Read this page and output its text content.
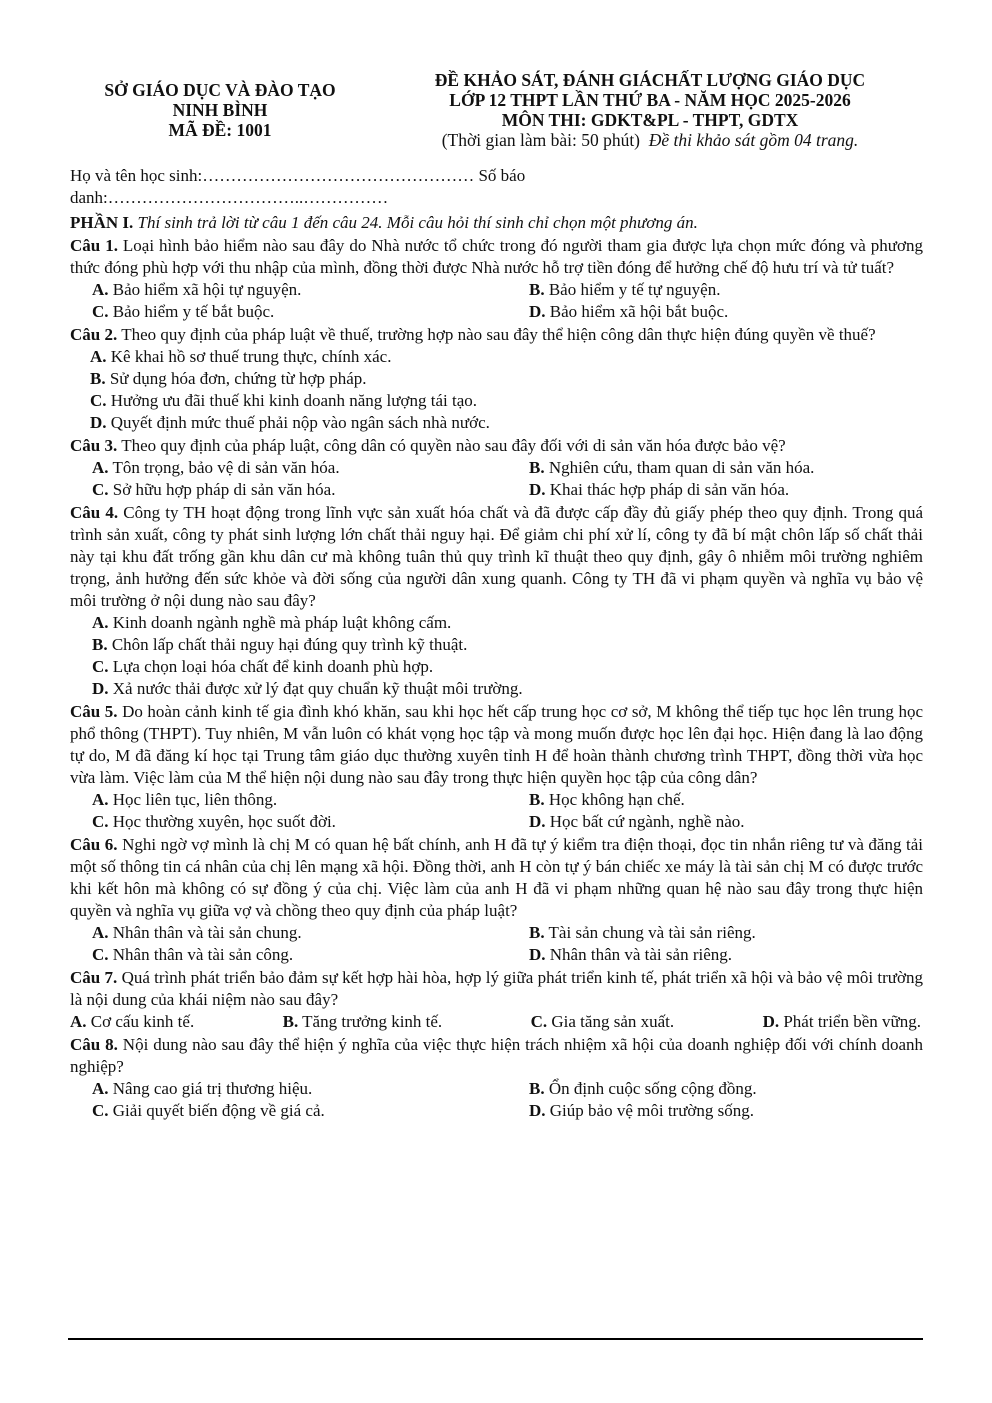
SỞ GIÁO DỤC VÀ ĐÀO TẠO
NINH BÌNH
MÃ ĐỀ: 1001
ĐỀ KHẢO SÁT, ĐÁNH GIÁCHẤT LƯỢNG GIÁO DỤC
LỚP 12 THPT LẦN THỨ BA - NĂM HỌC 2025-2026
MÔN THI: GDKT&PL - THPT, GDTX
(Thời gian làm bài: 50 phút) Đề thi khảo sát gồm 04 trang.
Họ và tên học sinh:………………………………………… Số báo
danh:……………………………..……………
PHẦN I. Thí sinh trả lời từ câu 1 đến câu 24. Mỗi câu hỏi thí sinh chỉ chọn một phương án.
Câu 1. Loại hình bảo hiểm nào sau đây do Nhà nước tổ chức trong đó người tham gia được lựa chọn mức đóng và phương thức đóng phù hợp với thu nhập của mình, đồng thời được Nhà nước hỗ trợ tiền đóng để hưởng chế độ hưu trí và tử tuất?
A. Bảo hiểm xã hội tự nguyện.	B. Bảo hiểm y tế tự nguyện.
C. Bảo hiểm y tế bắt buộc.	D. Bảo hiểm xã hội bắt buộc.
Câu 2. Theo quy định của pháp luật về thuế, trường hợp nào sau đây thể hiện công dân thực hiện đúng quyền về thuế?
A. Kê khai hồ sơ thuế trung thực, chính xác.
B. Sử dụng hóa đơn, chứng từ hợp pháp.
C. Hưởng ưu đãi thuế khi kinh doanh năng lượng tái tạo.
D. Quyết định mức thuế phải nộp vào ngân sách nhà nước.
Câu 3. Theo quy định của pháp luật, công dân có quyền nào sau đây đối với di sản văn hóa được bảo vệ?
A. Tôn trọng, bảo vệ di sản văn hóa.	B. Nghiên cứu, tham quan di sản văn hóa.
C. Sở hữu hợp pháp di sản văn hóa.	D. Khai thác hợp pháp di sản văn hóa.
Câu 4. Công ty TH hoạt động trong lĩnh vực sản xuất hóa chất và đã được cấp đầy đủ giấy phép theo quy định. Trong quá trình sản xuất, công ty phát sinh lượng lớn chất thải nguy hại. Để giảm chi phí xử lí, công ty đã bí mật chôn lấp số chất thải này tại khu đất trống gần khu dân cư mà không tuân thủ quy trình kĩ thuật theo quy định, gây ô nhiễm môi trường nghiêm trọng, ảnh hưởng đến sức khỏe và đời sống của người dân xung quanh. Công ty TH đã vi phạm quyền và nghĩa vụ bảo vệ môi trường ở nội dung nào sau đây?
A. Kinh doanh ngành nghề mà pháp luật không cấm.
B. Chôn lấp chất thải nguy hại đúng quy trình kỹ thuật.
C. Lựa chọn loại hóa chất để kinh doanh phù hợp.
D. Xả nước thải được xử lý đạt quy chuẩn kỹ thuật môi trường.
Câu 5. Do hoàn cảnh kinh tế gia đình khó khăn, sau khi học hết cấp trung học cơ sở, M không thể tiếp tục học lên trung học phổ thông (THPT). Tuy nhiên, M vẫn luôn có khát vọng học tập và mong muốn được học lên đại học. Hiện đang là lao động tự do, M đã đăng kí học tại Trung tâm giáo dục thường xuyên tỉnh H để hoàn thành chương trình THPT, đồng thời vừa học vừa làm. Việc làm của M thể hiện nội dung nào sau đây trong thực hiện quyền học tập của công dân?
A. Học liên tục, liên thông.	B. Học không hạn chế.
C. Học thường xuyên, học suốt đời.	D. Học bất cứ ngành, nghề nào.
Câu 6. Nghi ngờ vợ mình là chị M có quan hệ bất chính, anh H đã tự ý kiểm tra điện thoại, đọc tin nhắn riêng tư và đăng tải một số thông tin cá nhân của chị lên mạng xã hội. Đồng thời, anh H còn tự ý bán chiếc xe máy là tài sản chị M có được trước khi kết hôn mà không có sự đồng ý của chị. Việc làm của anh H đã vi phạm những quan hệ nào sau đây trong thực hiện quyền và nghĩa vụ giữa vợ và chồng theo quy định của pháp luật?
A. Nhân thân và tài sản chung.	B. Tài sản chung và tài sản riêng.
C. Nhân thân và tài sản công.	D. Nhân thân và tài sản riêng.
Câu 7. Quá trình phát triển bảo đảm sự kết hợp hài hòa, hợp lý giữa phát triển kinh tế, phát triển xã hội và bảo vệ môi trường là nội dung của khái niệm nào sau đây?
A. Cơ cấu kinh tế.	B. Tăng trưởng kinh tế.	C. Gia tăng sản xuất.	D. Phát triển bền vững.
Câu 8. Nội dung nào sau đây thể hiện ý nghĩa của việc thực hiện trách nhiệm xã hội của doanh nghiệp đối với chính doanh nghiệp?
A. Nâng cao giá trị thương hiệu.	B. Ổn định cuộc sống cộng đồng.
C. Giải quyết biến động về giá cả.	D. Giúp bảo vệ môi trường sống.
